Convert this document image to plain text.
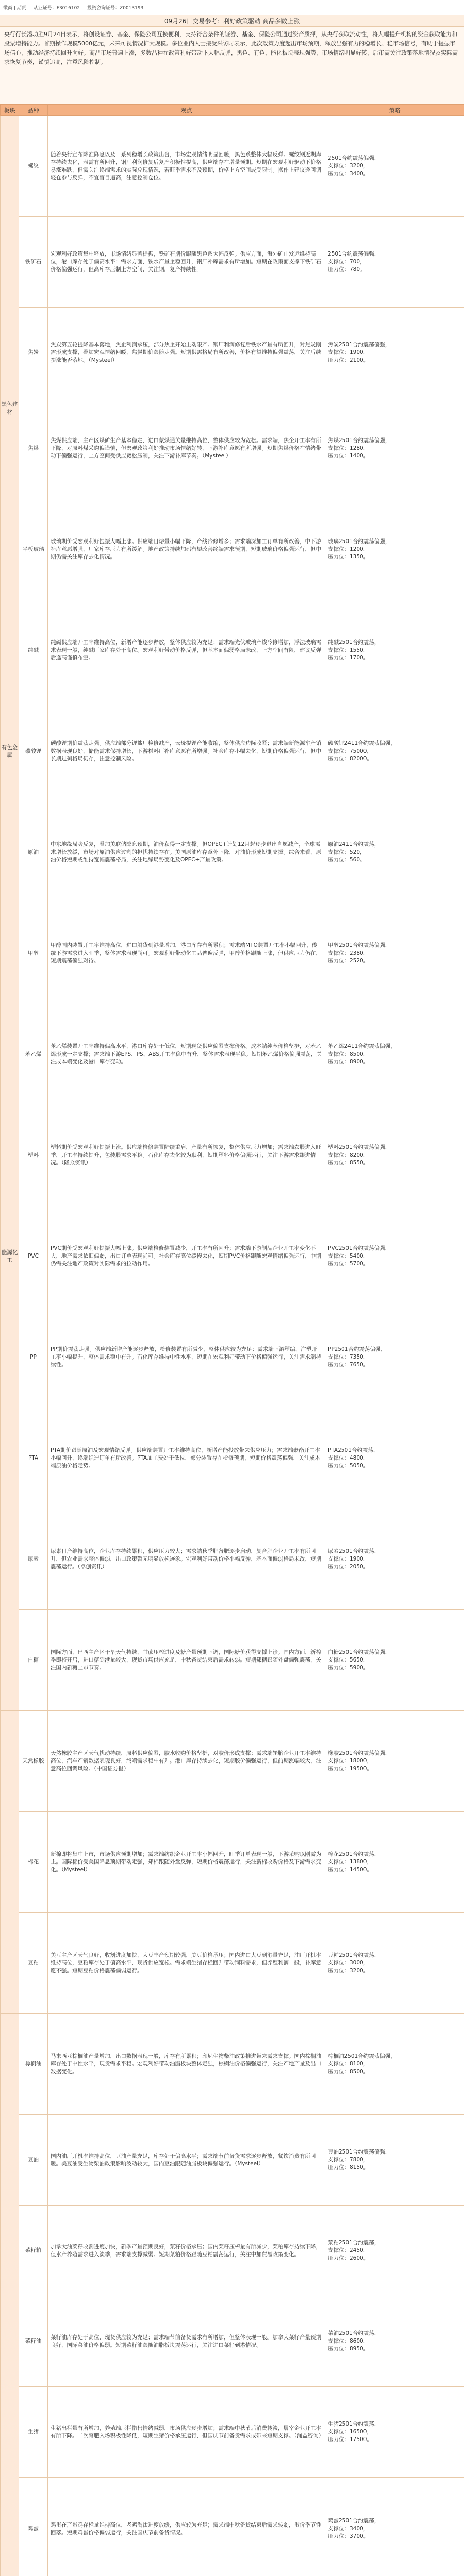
徽商 | 期货 从业证号：F3016102 投资咨询证号：Z0013193
09月26日交易参考：利好政策驱动 商品多数上涨
央行行长潘功胜9月24日表示，将创设证券、基金、保险公司互换便利，支持符合条件的证券、基金、保险公司通过资产质押，从央行获取流动性，将大幅提升机构的资金获取能力和股票增持能力。首期操作规模5000亿元，未来可视情况扩大规模。多位业内人士接受采访时表示，此次政策力度超出市场预期，释放出强有力的稳增长、稳市场信号，有助于提振市场信心，推动经济持续回升向好。商品市场普遍上涨，多数品种在政策利好带动下大幅反弹，黑色、有色、能化板块表现强势，市场情绪明显好转，后市需关注政策落地情况及实际需求恢复节奏，谨慎追高，注意风险控制。
板块	品种	观点	策略
黑色建材	螺纹	随着央行宣布降准降息以及一系列稳增长政策出台，市场宏观情绪明显回暖，黑色系整体大幅反弹。螺纹钢近期库存持续去化，表需有所回升，钢厂利润修复后复产积极性提高，供应端存在增量预期。短期在宏观利好驱动下价格易涨难跌，但需关注终端需求的实际兑现情况，若旺季需求不及预期，价格上方空间或受限制。操作上建议逢回调轻仓参与反弹，不宜盲目追高，注意控制仓位。	2501合约震荡偏强，
支撑位：3200，
压力位：3400。
	铁矿石	宏观利好政策集中释放，市场情绪显著提振，铁矿石期价跟随黑色系大幅反弹。供应方面，海外矿山发运维持高位，港口库存处于偏高水平；需求方面，铁水产量企稳回升，钢厂补库需求有所增加。短期在政策面支撑下铁矿石价格偏强运行，但高库存压制上方空间，关注钢厂复产持续性。	2501合约震荡偏强，
支撑位：700，
压力位：780。
	焦炭	焦炭第五轮提降基本落地，焦企利润承压，部分焦企开始主动限产。钢厂利润修复后铁水产量有所回升，对焦炭刚需形成支撑，叠加宏观情绪回暖，焦炭期价跟随走强。短期供需格局有所改善，价格有望维持偏强震荡，关注后续提涨能否落地。（Mysteel）	焦炭2501合约震荡偏强，
支撑位：1900，
压力位：2100。
	焦煤	焦煤供应端，主产区煤矿生产基本稳定，进口蒙煤通关量维持高位，整体供应较为宽松。需求端，焦企开工率有所下降，对原料煤采购偏谨慎，但宏观政策利好推动市场情绪好转，下游补库意愿有所增强。短期焦煤价格在情绪带动下偏强运行，上方空间受供应宽松压制，关注下游补库节奏。（Mysteel）	焦煤2501合约震荡偏强，
支撑位：1280，
压力位：1400。
	平板玻璃	玻璃期价受宏观利好提振大幅上涨。供应端日熔量小幅下降，产线冷修增多；需求端深加工订单有所改善，中下游补库意愿增强，厂家库存压力有所缓解。地产政策持续加码有望改善终端需求预期，短期玻璃价格偏强运行，但中期仍需关注库存去化情况。	玻璃2501合约震荡偏强，
支撑位：1200，
压力位：1350。
	纯碱	纯碱供应端开工率维持高位，新增产能逐步释放，整体供应较为充足；需求端光伏玻璃产线冷修增加，浮法玻璃需求表现一般，纯碱厂家库存处于高位。宏观利好带动价格反弹，但基本面偏弱格局未改，上方空间有限，建议反弹后逢高谨慎布空。	纯碱2501合约震荡，
支撑位：1550，
压力位：1700。
有色金属	碳酸锂	碳酸锂期价震荡走强。供应端部分锂盐厂检修减产，云母提锂产能收缩，整体供应边际收紧；需求端新能源车产销数据表现良好，储能需求保持增长，下游材料厂补库意愿有所增强。社会库存小幅去化，短期价格偏强运行，但中长期过剩格局仍存，注意控制风险。	碳酸锂2411合约震荡偏强，
支撑位：75000，
压力位：82000。
能源化工	原油	中东地缘局势反复，叠加美联储降息预期，油价获得一定支撑。但OPEC+计划12月起逐步退出自愿减产，全球需求增长放缓，市场对原油供应过剩的担忧持续存在。美国原油库存意外下降，对油价形成短期支撑。综合来看，原油价格短期或维持宽幅震荡格局，关注地缘局势变化及OPEC+产量政策。	原油2411合约震荡，
支撑位：520，
压力位：560。
	甲醇	甲醇国内装置开工率维持高位，进口船货到港量增加，港口库存有所累积；需求端MTO装置开工率小幅回升，传统下游需求进入旺季，整体需求表现尚可。宏观利好带动化工品普遍反弹，甲醇价格跟随上涨，但供应压力仍在，短期震荡偏强对待。	甲醇2501合约震荡偏强，
支撑位：2380，
压力位：2520。
	苯乙烯	苯乙烯装置开工率维持偏高水平，港口库存处于低位，短期现货供应偏紧支撑价格。成本端纯苯价格坚挺，对苯乙烯形成一定支撑；需求端下游EPS、PS、ABS开工率稳中有升，整体需求表现平稳。短期苯乙烯价格偏强震荡，关注成本端变化及港口库存变动。	苯乙烯2411合约震荡偏强，
支撑位：8500，
压力位：8900。
	塑料	塑料期价受宏观利好提振上涨。供应端检修装置陆续重启，产量有所恢复，整体供应压力增加；需求端农膜进入旺季，开工率持续提升，包装膜需求平稳。石化库存去化较为顺利，短期塑料价格偏强运行，关注下游需求跟进情况。（隆众资讯）	塑料2501合约震荡偏强，
支撑位：8200，
压力位：8550。
	PVC	PVC期价受宏观利好提振大幅上涨。供应端检修装置减少，开工率有所回升；需求端下游制品企业开工率变化不大，地产需求依旧偏弱，出口订单表现尚可。社会库存高位缓慢去化，短期PVC价格跟随宏观情绪偏强运行，中期仍需关注地产政策对实际需求的拉动作用。	PVC2501合约震荡偏强，
支撑位：5400，
压力位：5700。
	PP	PP期价震荡走强。供应端新增产能逐步释放，检修装置有所减少，整体供应较为充足；需求端下游塑编、注塑开工率小幅提升，整体需求稳中有升。石化库存维持中性水平，短期在宏观利好带动下价格偏强运行，关注需求端持续性。	PP2501合约震荡偏强，
支撑位：7350，
压力位：7650。
	PTA	PTA期价跟随原油及宏观情绪反弹。供应端装置开工率维持高位，新增产能投放带来供应压力；需求端聚酯开工率小幅回升，终端织造订单有所改善。PTA加工费处于低位，部分装置存在检修预期，短期价格震荡偏强，关注成本端原油价格走势。	PTA2501合约震荡，
支撑位：4800，
压力位：5050。
	尿素	尿素日产维持高位，企业库存持续累积，供应压力较大；需求端秋季肥备肥逐步启动，复合肥企业开工率有所回升，但农业需求整体偏弱，出口政策暂无明显放松迹象。宏观利好带动价格小幅反弹，基本面偏弱格局未改，短期震荡运行。（卓创资讯）	尿素2501合约震荡，
支撑位：1900，
压力位：2050。
	白糖	国际方面，巴西主产区干旱天气持续，甘蔗压榨进度及糖产量预期下调，国际糖价获得支撑上涨。国内方面，新榨季即将开启，进口糖到港量较大，现货市场供应充足，中秋备货结束后需求转弱。短期郑糖跟随外盘偏强震荡，关注国内新糖上市节奏。	白糖2501合约震荡偏强，
支撑位：5650，
压力位：5900。
	天然橡胶	天然橡胶主产区天气扰动持续，原料供应偏紧，胶水收购价格坚挺，对胶价形成支撑；需求端轮胎企业开工率维持高位，汽车产销数据表现良好，终端需求稳中有升。港口库存持续去化，短期胶价偏强运行，但前期涨幅较大，注意高位回调风险。（中国证券报）	橡胶2501合约震荡偏强，
支撑位：18000，
压力位：19500。
	棉花	新棉即将集中上市，市场供应预期增加；需求端纺织企业开工率小幅回升，旺季订单表现一般，下游采购以刚需为主。国际棉价受美国降息预期带动走强，郑棉跟随外盘反弹，短期价格震荡运行，关注新棉收购价格及下游需求变化。（Mysteel）	棉花2501合约震荡，
支撑位：13800，
压力位：14500。
	豆粕	美豆主产区天气良好，收割进度加快，大豆丰产预期较强，美豆价格承压；国内进口大豆到港量充足，油厂开机率维持高位，豆粕库存处于偏高水平，现货供应宽松。需求端生猪存栏回升带动饲料需求，但养殖利润一般，补库意愿不强。短期豆粕价格震荡偏弱运行。	豆粕2501合约震荡，
支撑位：3000，
压力位：3200。
	棕榈油	马来西亚棕榈油产量增加，出口数据表现一般，库存有所累积；印尼生物柴油政策推进带来需求支撑。国内棕榈油库存处于中性水平，现货需求平稳。宏观利好带动油脂板块整体走强，棕榈油价格偏强运行，关注产地产量及出口数据变化。	棕榈油2501合约震荡偏强，
支撑位：8100，
压力位：8500。
	豆油	国内油厂开机率维持高位，豆油产量充足，库存处于偏高水平；需求端节前备货需求逐步释放，餐饮消费有所回暖。美豆油受生物柴油政策影响波动较大，国内豆油跟随油脂板块偏强运行。（Mysteel）	豆油2501合约震荡偏强，
支撑位：7800，
压力位：8150。
	菜籽粕	加拿大油菜籽收割进度加快，新季产量预期良好，菜籽价格承压；国内菜籽压榨量有所减少，菜粕库存持续下降，但水产养殖需求进入淡季，需求端支撑减弱。短期菜粕价格跟随豆粕震荡运行，关注中加贸易政策变化。	菜粕2501合约震荡，
支撑位：2450，
压力位：2600。
	菜籽油	菜籽油库存处于高位，现货供应较为充足；需求端节前备货需求有所增加，但整体表现一般。加拿大菜籽产量预期良好，国际菜油价格偏弱。短期菜籽油跟随油脂板块震荡运行，关注进口菜籽到港情况。	菜油2501合约震荡，
支撑位：8600，
压力位：8950。
	生猪	生猪出栏量有所增加，养殖端压栏惜售情绪减弱，市场供应逐步增加；需求端中秋节后消费转淡，屠宰企业开工率有所下降。二次育肥入场积极性降低，短期生猪价格承压运行，但国庆节前备货需求或带来短期支撑。（涌益咨询）	生猪2501合约震荡，
支撑位：16500，
压力位：17500。
	鸡蛋	鸡蛋在产蛋鸡存栏量维持高位，老鸡淘汰进度放缓，供应较为充足；需求端中秋备货结束后需求转弱，蛋价季节性回落。短期鸡蛋价格偏弱运行，关注国庆节前备货情况。	鸡蛋2501合约震荡，
支撑位：3400，
压力位：3700。
